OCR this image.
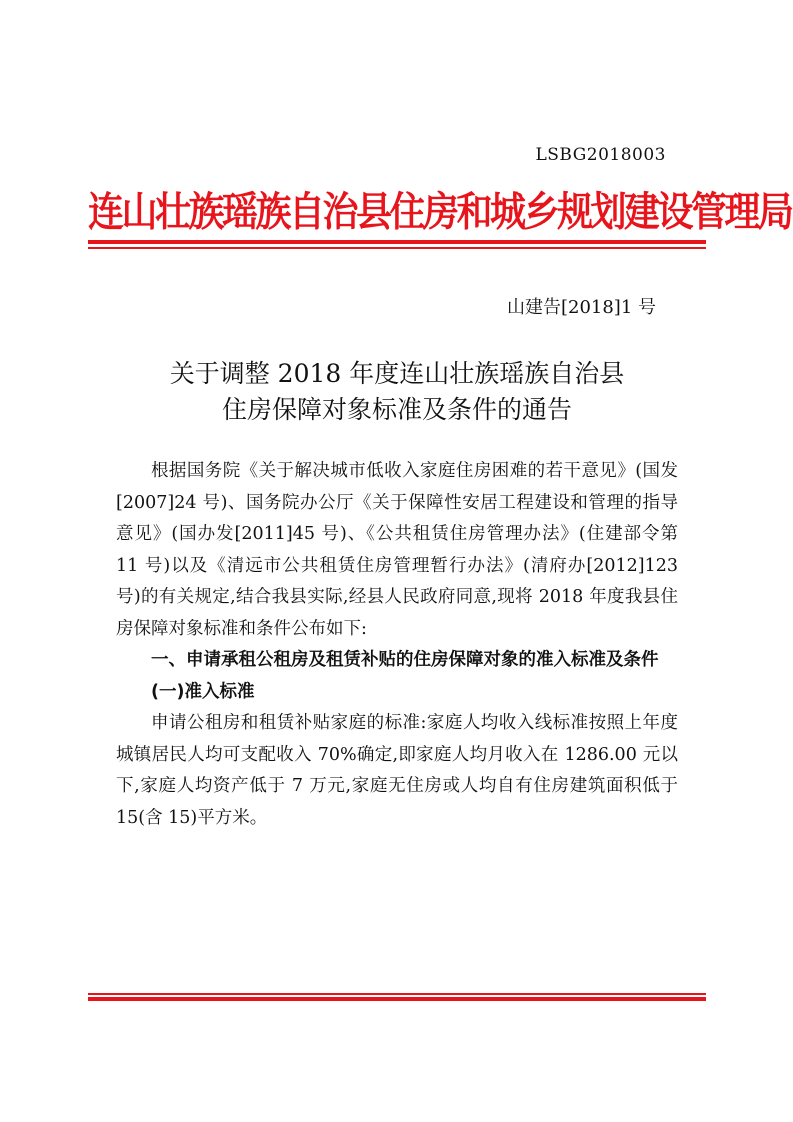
LSBG2018003
连山壮族瑶族自治县住房和城乡规划建设管理局
山建告[2018]1 号
关于调整 2018 年度连山壮族瑶族自治县
住房保障对象标准及条件的通告

根据国务院《关于解决城市低收入家庭住房困难的若干意见》(国发[2007]24 号)、国务院办公厅《关于保障性安居工程建设和管理的指导意见》(国办发[2011]45 号)、《公共租赁住房管理办法》(住建部令第 11 号)以及《清远市公共租赁住房管理暂行办法》(清府办[2012]123 号)的有关规定,结合我县实际,经县人民政府同意,现将 2018 年度我县住房保障对象标准和条件公布如下:

一、申请承租公租房及租赁补贴的住房保障对象的准入标准及条件

(一)准入标准

申请公租房和租赁补贴家庭的标准:家庭人均收入线标准按照上年度城镇居民人均可支配收入 70%确定,即家庭人均月收入在 1286.00 元以下,家庭人均资产低于 7 万元,家庭无住房或人均自有住房建筑面积低于 15(含 15)平方米。
